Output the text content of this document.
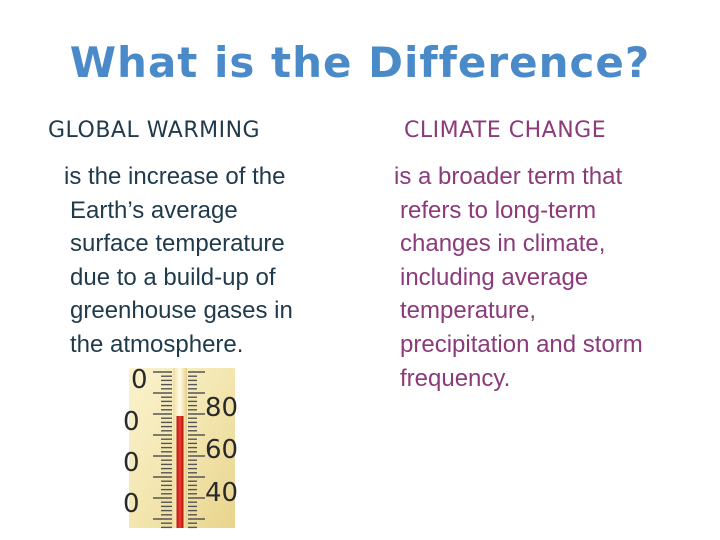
What is the Difference?
GLOBAL WARMING
is the increase of the
Earth’s average
surface temperature
due to a build-up of
greenhouse gases in
the atmosphere.
CLIMATE CHANGE
is a broader term that
refers to long-term
changes in climate,
including average
temperature,
precipitation and storm
frequency.
0
0
0
0
80
60
40
